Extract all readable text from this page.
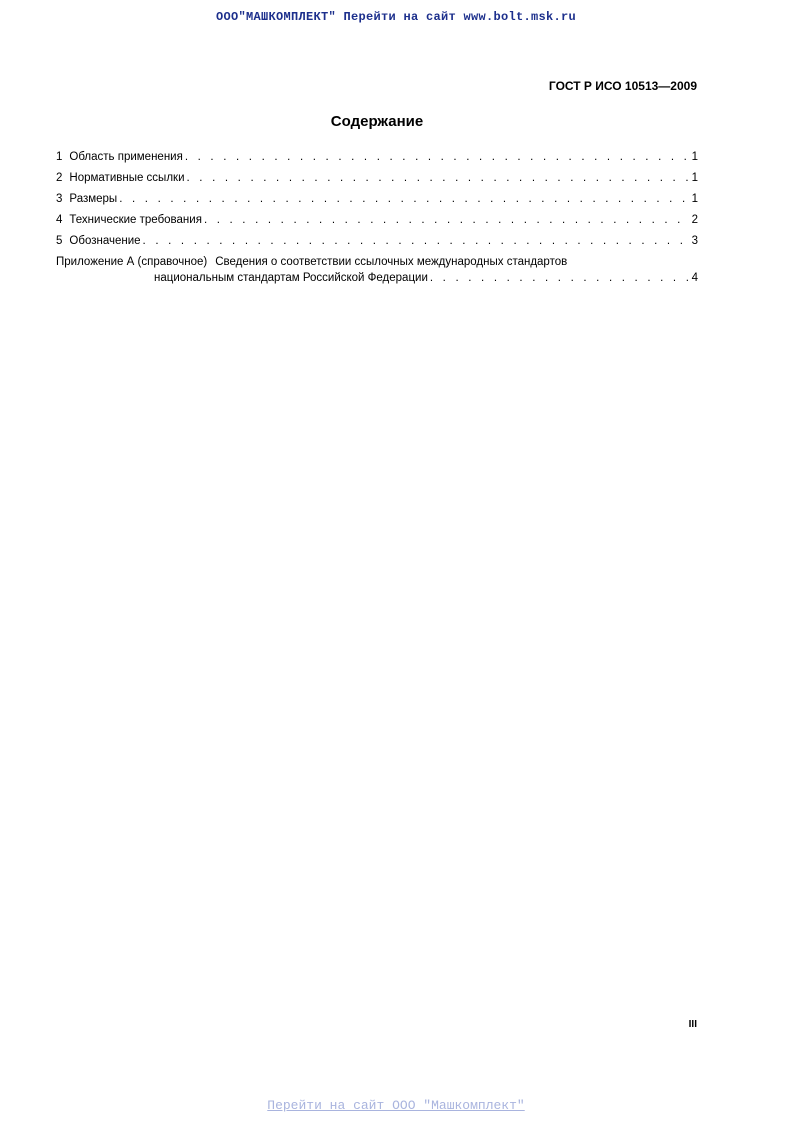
ООО"МАШКОМПЛЕКТ" Перейти на сайт www.bolt.msk.ru
ГОСТ Р ИСО 10513—2009
Содержание
1 Область применения . . .	1
2 Нормативные ссылки . . .	1
3 Размеры . . .	1
4 Технические требования . . .	2
5 Обозначение . . .	3
Приложение А (справочное) Сведения о соответствии ссылочных международных стандартов
национальным стандартам Российской Федерации . . .	4
III
Перейти на сайт ООО "Машкомплект"
